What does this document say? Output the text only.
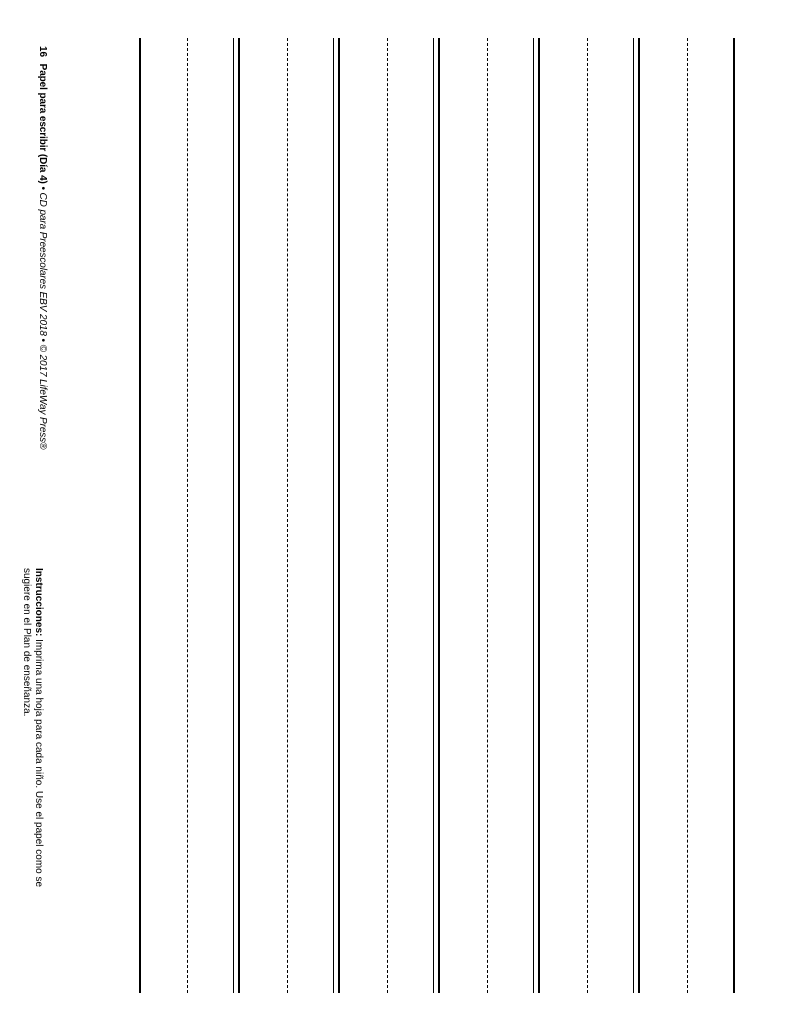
16 Papel para escribir (Día 4) • CD para Preescolares EBV 2018 • © 2017 LifeWay Press®
Instrucciones: Imprima una hoja para cada niño. Use el papel como se
sugiere en el Plan de enseñanza.
